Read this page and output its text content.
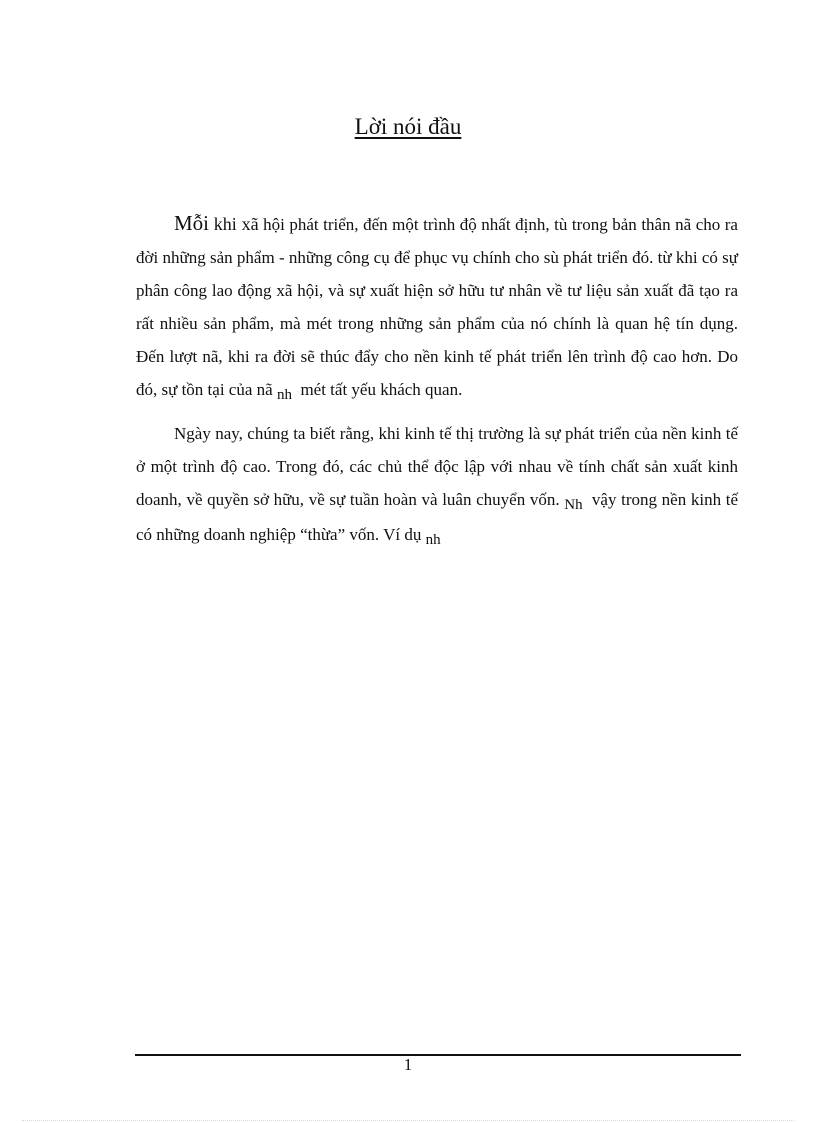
Lời nói đầu

Mỗi khi xã hội phát triển, đến một trình độ nhất định, tù trong bản thân nã cho ra đời những sản phẩm - những công cụ để phục vụ chính cho sù phát triển đó. từ khi có sự phân công lao động xã hội, và sự xuất hiện sở hữu tư nhân về tư liệu sản xuất đã tạo ra rất nhiều sản phẩm, mà mét trong những sản phẩm của nó chính là quan hệ tín dụng. Đến lượt nã, khi ra đời sẽ thúc đẩy cho nền kinh tế phát triển lên trình độ cao hơn. Do đó, sự tồn tại của nã nh  mét tất yếu khách quan.

Ngày nay, chúng ta biết rằng, khi kinh tế thị trường là sự phát triển của nền kinh tế ở một trình độ cao. Trong đó, các chủ thể độc lập với nhau về tính chất sản xuất kinh doanh, về quyền sở hữu, về sự tuần hoàn và luân chuyển vốn. Nh  vậy trong nền kinh tế có những doanh nghiệp “thừa” vốn. Ví dụ nh

1
